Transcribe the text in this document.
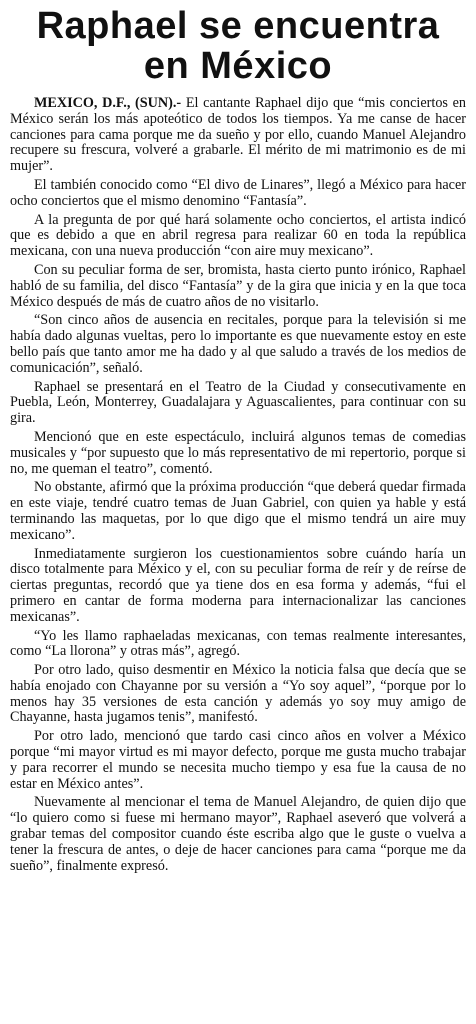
Raphael se encuentra
en México

MEXICO, D.F., (SUN).- El cantante Raphael dijo que “mis conciertos en México serán los más apoteótico de todos los tiempos. Ya me canse de hacer canciones para cama porque me da sueño y por ello, cuando Manuel Alejandro recupere su frescura, volveré a grabarle. El mérito de mi matrimonio es de mi mujer”.

El también conocido como “El divo de Linares”, llegó a México para hacer ocho conciertos que el mismo denomino “Fantasía”.

A la pregunta de por qué hará solamente ocho conciertos, el artista indicó que es debido a que en abril regresa para realizar 60 en toda la república mexicana, con una nueva producción “con aire muy mexicano”.

Con su peculiar forma de ser, bromista, hasta cierto punto irónico, Raphael habló de su familia, del disco “Fantasía” y de la gira que inicia y en la que toca México después de más de cuatro años de no visitarlo.

“Son cinco años de ausencia en recitales, porque para la televisión si me había dado algunas vueltas, pero lo importante es que nuevamente estoy en este bello país que tanto amor me ha dado y al que saludo a través de los medios de comunicación”, señaló.

Raphael se presentará en el Teatro de la Ciudad y consecutivamente en Puebla, León, Monterrey, Guadalajara y Aguascalientes, para continuar con su gira.

Mencionó que en este espectáculo, incluirá algunos temas de comedias musicales y “por supuesto que lo más representativo de mi repertorio, porque si no, me queman el teatro”, comentó.

No obstante, afirmó que la próxima producción “que deberá quedar firmada en este viaje, tendré cuatro temas de Juan Gabriel, con quien ya hable y está terminando las maquetas, por lo que digo que el mismo tendrá un aire muy mexicano”.

Inmediatamente surgieron los cuestionamientos sobre cuándo haría un disco totalmente para México y el, con su peculiar forma de reír y de reírse de ciertas preguntas, recordó que ya tiene dos en esa forma y además, “fui el primero en cantar de forma moderna para internacionalizar las canciones mexicanas”.

“Yo les llamo raphaeladas mexicanas, con temas realmente interesantes, como “La llorona” y otras más”, agregó.

Por otro lado, quiso desmentir en México la noticia falsa que decía que se había enojado con Chayanne por su versión a “Yo soy aquel”, “porque por lo menos hay 35 versiones de esta canción y además yo soy muy amigo de Chayanne, hasta jugamos tenis”, manifestó.

Por otro lado, mencionó que tardo casi cinco años en volver a México porque “mi mayor virtud es mi mayor defecto, porque me gusta mucho trabajar y para recorrer el mundo se necesita mucho tiempo y esa fue la causa de no estar en México antes”.

Nuevamente al mencionar el tema de Manuel Alejandro, de quien dijo que “lo quiero como si fuese mi hermano mayor”, Raphael aseveró que volverá a grabar temas del compositor cuando éste escriba algo que le guste o vuelva a tener la frescura de antes, o deje de hacer canciones para cama “porque me da sueño”, finalmente expresó.
